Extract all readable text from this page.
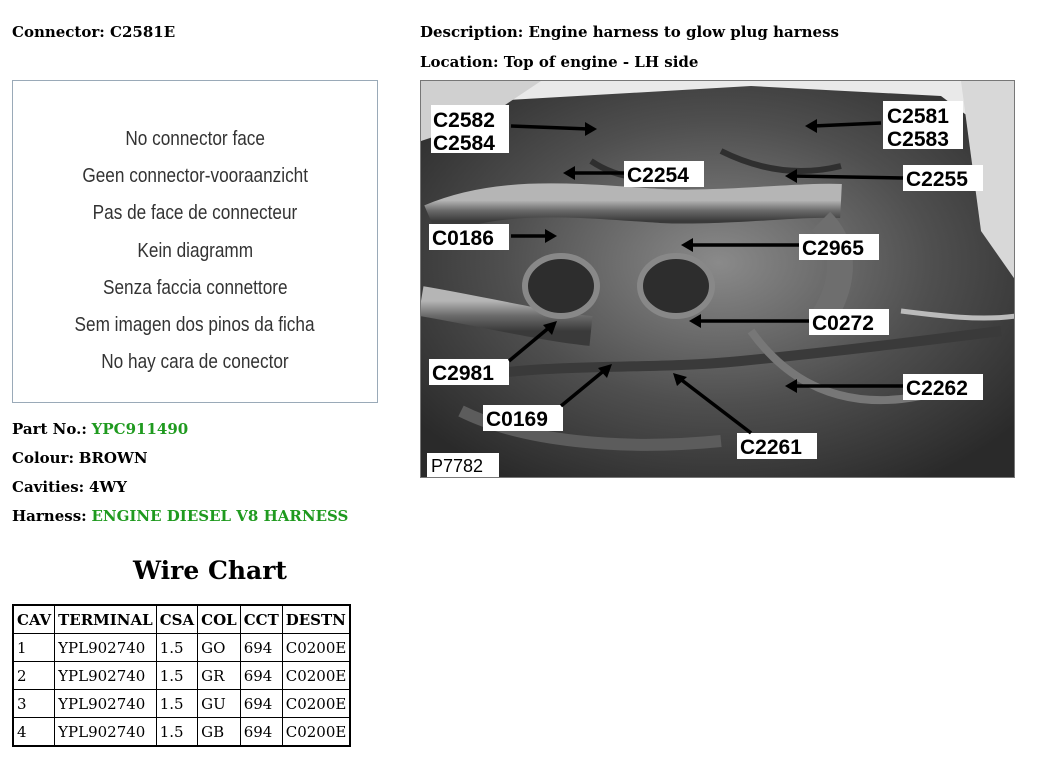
Connector: C2581E	Description: Engine harness to glow plug harness
Location: Top of engine - LH side
No connector face
Geen connector-vooraanzicht
Pas de face de connecteur
Kein diagramm
Senza faccia connettore
Sem imagen dos pinos da ficha
No hay cara de conector
Part No.: YPC911490
Colour: BROWN
Cavities: 4WY
Harness: ENGINE DIESEL V8 HARNESS
Wire Chart
CAV	TERMINAL	CSA	COL	CCT	DESTN
1	YPL902740	1.5	GO	694	C0200E
2	YPL902740	1.5	GR	694	C0200E
3	YPL902740	1.5	GU	694	C0200E
4	YPL902740	1.5	GB	694	C0200E
C2582
C2584
C2581
C2583
C2254	C2255
C0186	C2965
C0272
C2981
C2262
C0169
C2261
P7782
